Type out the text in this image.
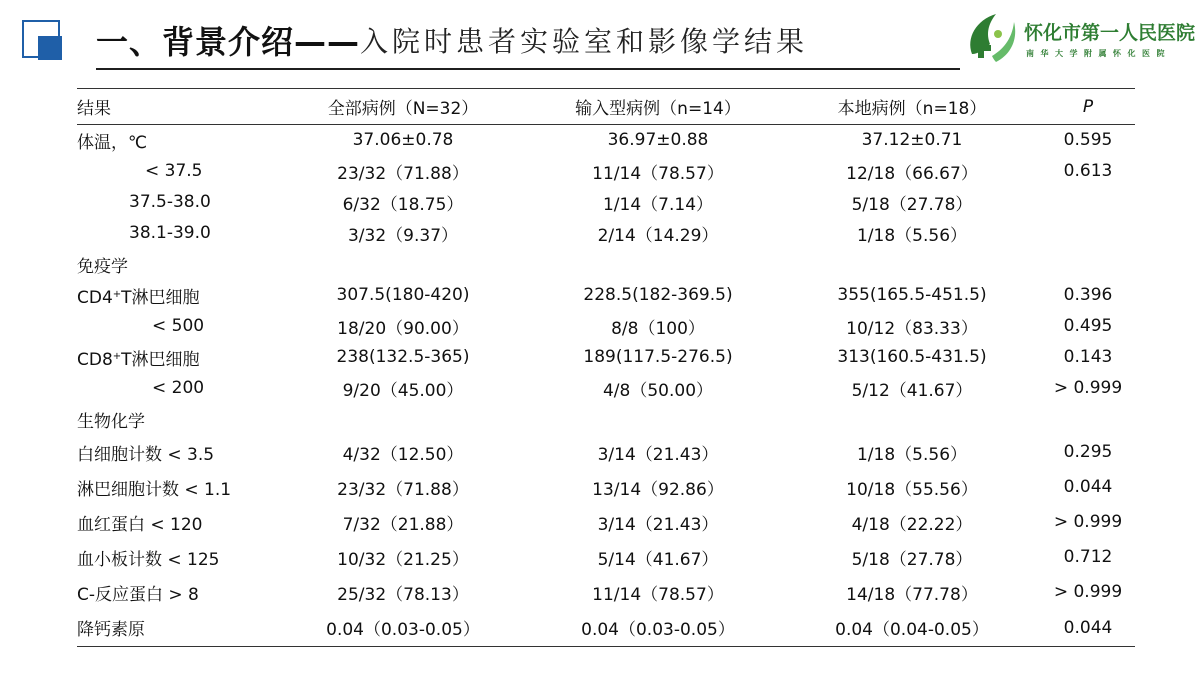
一、背景介绍—— 入院时患者实验室和影像学结果	怀化市第一人民医院
南华大学附属怀化医院
结果	全部病例（N=32）	输入型病例（n=14）	本地病例（n=18）	P
体温，℃	37.06±0.78	36.97±0.88	37.12±0.71	0.595
< 37.5	23/32（71.88）	11/14（78.57）	12/18（66.67）	0.613
37.5-38.0	6/32（18.75）	1/14（7.14）	5/18（27.78）	
38.1-39.0	3/32（9.37）	2/14（14.29）	1/18（5.56）	
免疫学				
CD4+T淋巴细胞	307.5(180-420)	228.5(182-369.5)	355(165.5-451.5)	0.396
< 500	18/20（90.00）	8/8（100）	10/12（83.33）	0.495
CD8+T淋巴细胞	238(132.5-365)	189(117.5-276.5)	313(160.5-431.5)	0.143
< 200	9/20（45.00）	4/8（50.00）	5/12（41.67）	> 0.999
生物化学				
白细胞计数 < 3.5	4/32（12.50）	3/14（21.43）	1/18（5.56）	0.295
淋巴细胞计数 < 1.1	23/32（71.88）	13/14（92.86）	10/18（55.56）	0.044
血红蛋白 < 120	7/32（21.88）	3/14（21.43）	4/18（22.22）	> 0.999
血小板计数 < 125	10/32（21.25）	5/14（41.67）	5/18（27.78）	0.712
C-反应蛋白 > 8	25/32（78.13）	11/14（78.57）	14/18（77.78）	> 0.999
降钙素原	0.04（0.03-0.05）	0.04（0.03-0.05）	0.04（0.04-0.05）	0.044
